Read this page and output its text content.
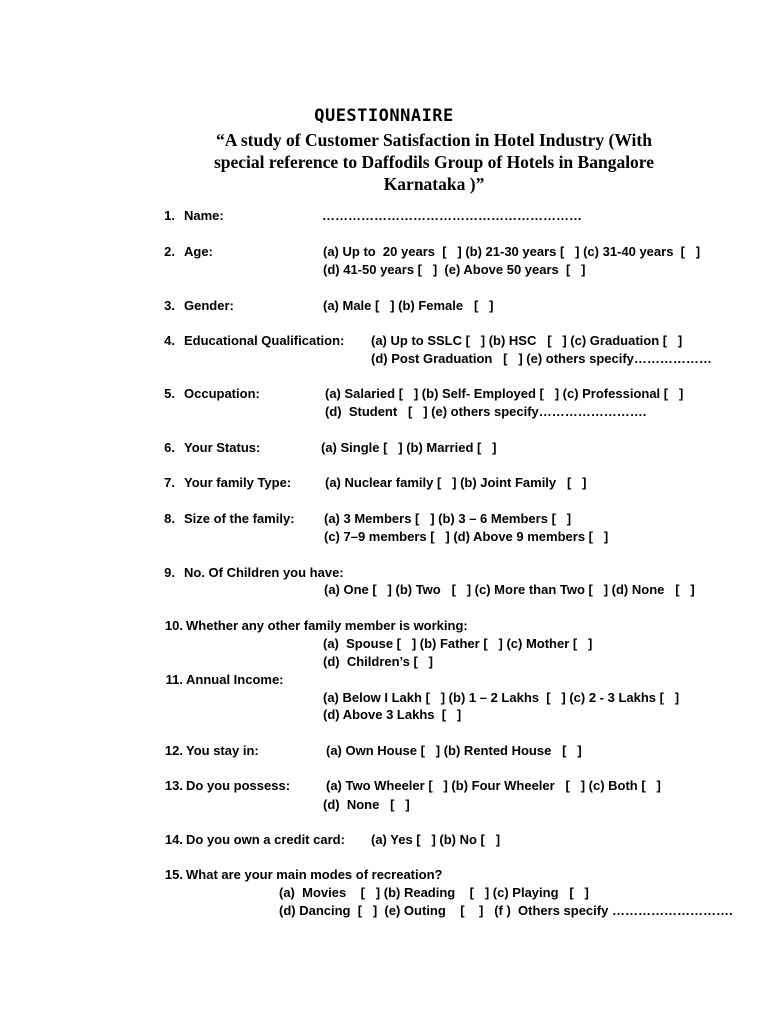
QUESTIONNAIRE
“A study of Customer Satisfaction in Hotel Industry (With special reference to Daffodils Group of Hotels in Bangalore Karnataka )”
1. Name:	……………………………………………………
2. Age:	(a) Up to  20 years  [   ] (b) 21-30 years [   ] (c) 31-40 years  [   ]
(d) 41-50 years [   ]  (e) Above 50 years  [   ]
3. Gender:	(a) Male [   ] (b) Female   [   ]
4. Educational Qualification: (a) Up to SSLC [   ] (b) HSC   [   ] (c) Graduation [   ]
(d) Post Graduation   [   ] (e) others specify………………
5. Occupation:	(a) Salaried [   ] (b) Self- Employed [   ] (c) Professional [   ]
(d)  Student   [   ] (e) others specify…………………….
6. Your Status:	(a) Single [   ] (b) Married [   ]
7. Your family Type:	(a) Nuclear family [   ] (b) Joint Family   [   ]
8. Size of the family: (a) 3 Members [   ] (b) 3 – 6 Members [   ]
(c) 7–9 members [   ] (d) Above 9 members [   ]
9. No. Of Children you have:
(a) One [   ] (b) Two   [   ] (c) More than Two [   ] (d) None   [   ]
10. Whether any other family member is working:
(a)  Spouse [   ] (b) Father [   ] (c) Mother [   ]
(d)  Children’s [   ]
11. Annual Income:
(a) Below I Lakh [   ] (b) 1 – 2 Lakhs  [   ] (c) 2 - 3 Lakhs [   ]
(d) Above 3 Lakhs  [   ]
12. You stay in:	(a) Own House [   ] (b) Rented House   [   ]
13. Do you possess:	(a) Two Wheeler [   ] (b) Four Wheeler   [   ] (c) Both [   ]
(d)  None   [   ]
14. Do you own a credit card: (a) Yes [   ] (b) No [   ]
15. What are your main modes of recreation?
(a)  Movies    [   ] (b) Reading    [   ] (c) Playing   [   ]
(d) Dancing  [   ]  (e) Outing    [    ]   (f )  Others specify ……………………….
